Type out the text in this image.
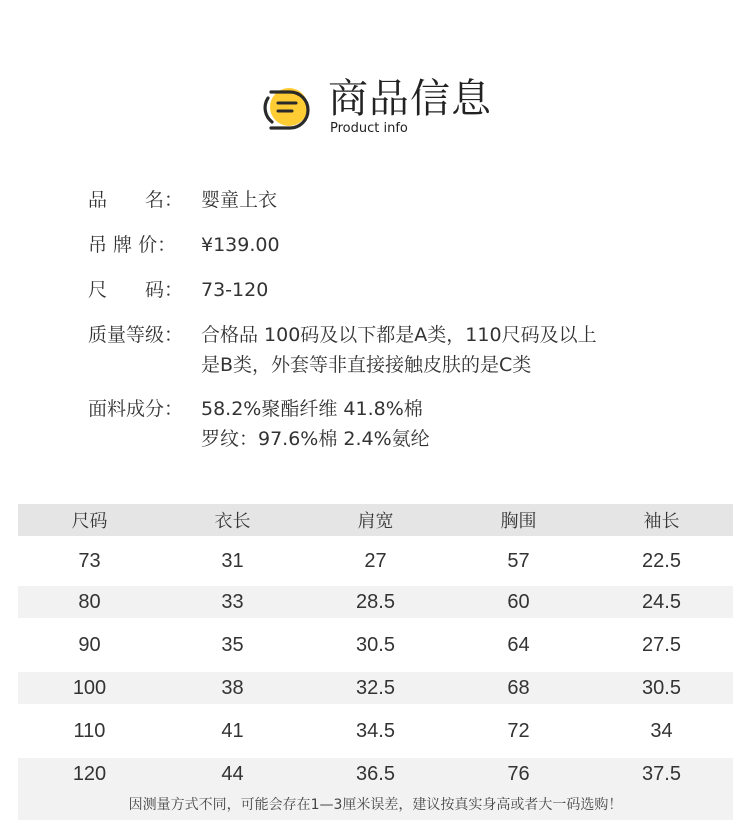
商品信息
Product info
品　　名： 婴童上衣
吊 牌 价：	¥139.00
尺　　码： 73-120
质量等级： 合格品 100码及以下都是A类，110尺码及以上
是B类，外套等非直接接触皮肤的是C类
面料成分： 58.2%聚酯纤维 41.8%棉
罗纹：97.6%棉 2.4%氨纶
尺码	衣长	肩宽	胸围	袖长
73	31	27	57	22.5
80	33	28.5	60	24.5
90	35	30.5	64	27.5
100	38	32.5	68	30.5
110	41	34.5	72	34
120	44	36.5	76	37.5
因测量方式不同，可能会存在1—3厘米误差，建议按真实身高或者大一码选购！
